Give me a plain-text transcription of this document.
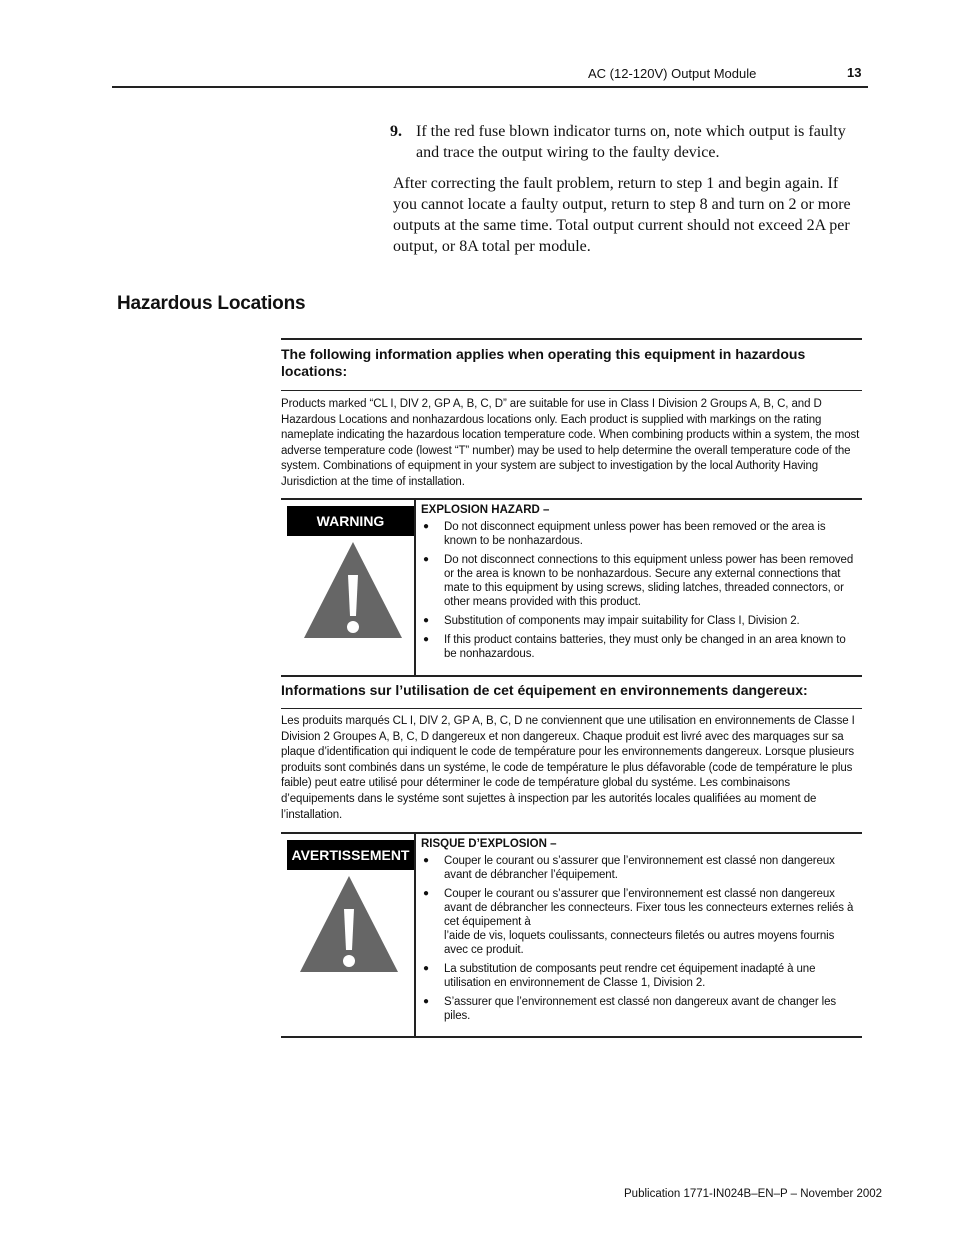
AC (12-120V) Output Module	13
9. If the red fuse blown indicator turns on, note which output is faulty and trace the output wiring to the faulty device.

After correcting the fault problem, return to step 1 and begin again. If you cannot locate a faulty output, return to step 8 and turn on 2 or more outputs at the same time. Total output current should not exceed 2A per output, or 8A total per module.

Hazardous Locations

The following information applies when operating this equipment in hazardous locations:

Products marked “CL I, DIV 2, GP A, B, C, D” are suitable for use in Class I Division 2 Groups A, B, C, and D Hazardous Locations and nonhazardous locations only. Each product is supplied with markings on the rating nameplate indicating the hazardous location temperature code. When combining products within a system, the most adverse temperature code (lowest “T” number) may be used to help determine the overall temperature code of the system. Combinations of equipment in your system are subject to investigation by the local Authority Having Jurisdiction at the time of installation.

WARNING

EXPLOSION HAZARD –

● Do not disconnect equipment unless power has been removed or the area is known to be nonhazardous.
● Do not disconnect connections to this equipment unless power has been removed or the area is known to be nonhazardous. Secure any external connections that mate to this equipment by using screws, sliding latches, threaded connectors, or other means provided with this product.
● Substitution of components may impair suitability for Class I, Division 2.
● If this product contains batteries, they must only be changed in an area known to be nonhazardous.

Informations sur l’utilisation de cet équipement en environnements dangereux:

Les produits marqués CL I, DIV 2, GP A, B, C, D ne conviennent que une utilisation en environnements de Classe I Division 2 Groupes A, B, C, D dangereux et non dangereux. Chaque produit est livré avec des marquages sur sa plaque d’identification qui indiquent le code de température pour les environnements dangereux. Lorsque plusieurs produits sont combinés dans un systéme, le code de température le plus défavorable (code de température le plus faible) peut eatre utilisé pour déterminer le code de température global du systéme. Les combinaisons d’equipements dans le systéme sont sujettes à inspection par les autorités locales qualifiées au moment de l’installation.

AVERTISSEMENT

RISQUE D’EXPLOSION –

● Couper le courant ou s’assurer que l’environnement est classé non dangereux avant de débrancher l’équipement.
● Couper le courant ou s’assurer que l’environnement est classé non dangereux avant de débrancher les connecteurs. Fixer tous les connecteurs externes reliés à cet équipement à
l’aide de vis, loquets coulissants, connecteurs filetés ou autres moyens fournis avec ce produit.
● La substitution de composants peut rendre cet équipement inadapté à une utilisation en environnement de Classe 1, Division 2.
● S’assurer que l’environnement est classé non dangereux avant de changer les piles.
Publication 1771-IN024B–EN–P – November 2002
